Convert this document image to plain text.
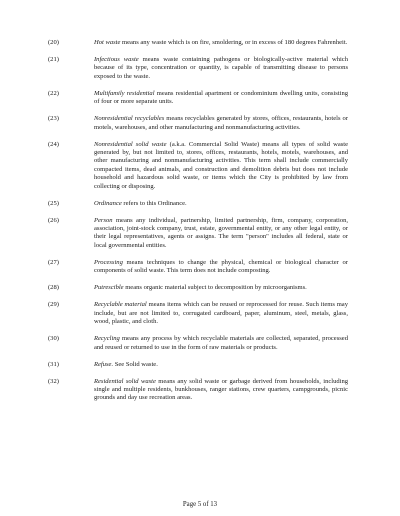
(20)	Hot waste means any waste which is on fire, smoldering, or in excess of 180 degrees Fahrenheit.
(21)	Infectious waste means waste containing pathogens or biologically-active material which because of its type, concentration or quantity, is capable of transmitting disease to persons exposed to the waste.
(22)	Multifamily residential means residential apartment or condominium dwelling units, consisting of four or more separate units.
(23)	Nonresidential recyclables means recyclables generated by stores, offices, restaurants, hotels or motels, warehouses, and other manufacturing and nonmanufacturing activities.
(24)	Nonresidential solid waste (a.k.a. Commercial Solid Waste) means all types of solid waste generated by, but not limited to, stores, offices, restaurants, hotels, motels, warehouses, and other manufacturing and nonmanufacturing activities. This term shall include commercially compacted items, dead animals, and construction and demolition debris but does not include household and hazardous solid waste, or items which the City is prohibited by law from collecting or disposing.
(25)	Ordinance refers to this Ordinance.
(26)	Person means any individual, partnership, limited partnership, firm, company, corporation, association, joint-stock company, trust, estate, governmental entity, or any other legal entity, or their legal representatives, agents or assigns. The term "person" includes all federal, state or local governmental entities.
(27)	Processing means techniques to change the physical, chemical or biological character or components of solid waste. This term does not include composting.
(28)	Putrescible means organic material subject to decomposition by microorganisms.
(29)	Recyclable material means items which can be reused or reprocessed for reuse. Such items may include, but are not limited to, corrugated cardboard, paper, aluminum, steel, metals, glass, wood, plastic, and cloth.
(30)	Recycling means any process by which recyclable materials are collected, separated, processed and reused or returned to use in the form of raw materials or products.
(31)	Refuse. See Solid waste.
(32)	Residential solid waste means any solid waste or garbage derived from households, including single and multiple residents, bunkhouses, ranger stations, crew quarters, campgrounds, picnic grounds and day use recreation areas.
Page 5 of 13
